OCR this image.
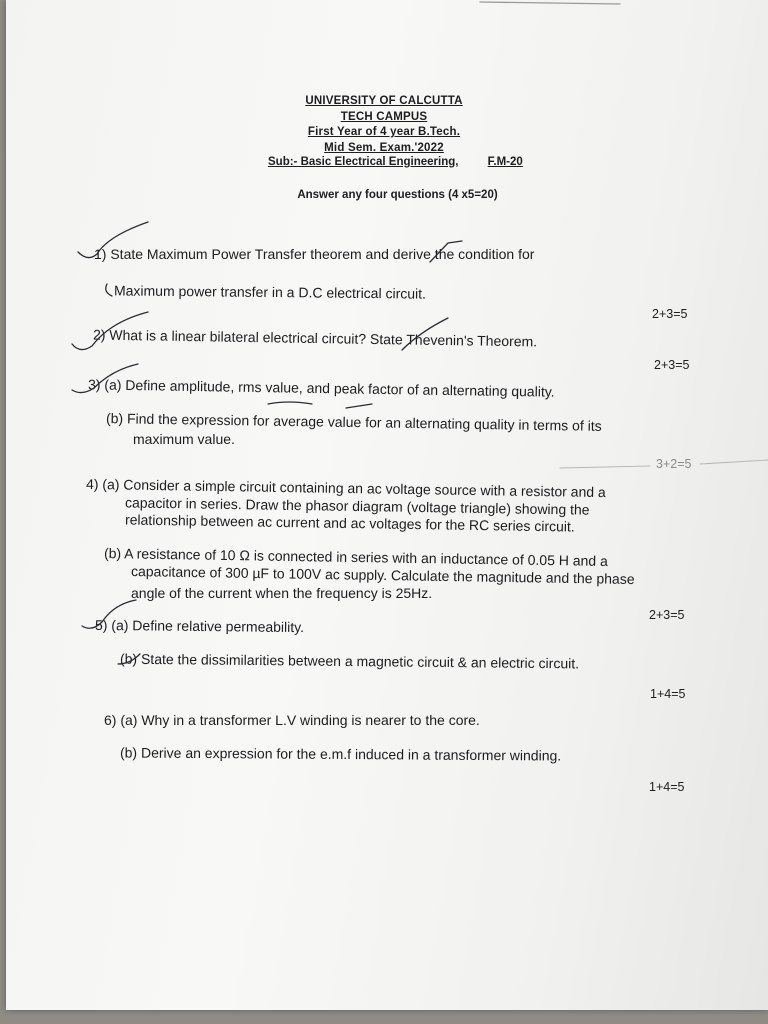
UNIVERSITY OF CALCUTTA
TECH CAMPUS
First Year of 4 year B.Tech.
Mid Sem. Exam.'2022
Sub:- Basic Electrical Engineering,	F.M-20
Answer any four questions (4 x5=20)
1) State Maximum Power Transfer theorem and derive the condition for
Maximum power transfer in a D.C electrical circuit.
2+3=5
2) What is a linear bilateral electrical circuit? State Thevenin's Theorem.
2+3=5
3) (a) Define amplitude, rms value, and peak factor of an alternating quality.
(b) Find the expression for average value for an alternating quality in terms of its
maximum value.
3+2=5
4) (a) Consider a simple circuit containing an ac voltage source with a resistor and a
capacitor in series. Draw the phasor diagram (voltage triangle) showing the
relationship between ac current and ac voltages for the RC series circuit.
(b) A resistance of 10 Ω is connected in series with an inductance of 0.05 H and a
capacitance of 300 µF to 100V ac supply. Calculate the magnitude and the phase
angle of the current when the frequency is 25Hz.
2+3=5
5) (a) Define relative permeability.
(b) State the dissimilarities between a magnetic circuit & an electric circuit.
1+4=5
6) (a) Why in a transformer L.V winding is nearer to the core.
(b) Derive an expression for the e.m.f induced in a transformer winding.
1+4=5
